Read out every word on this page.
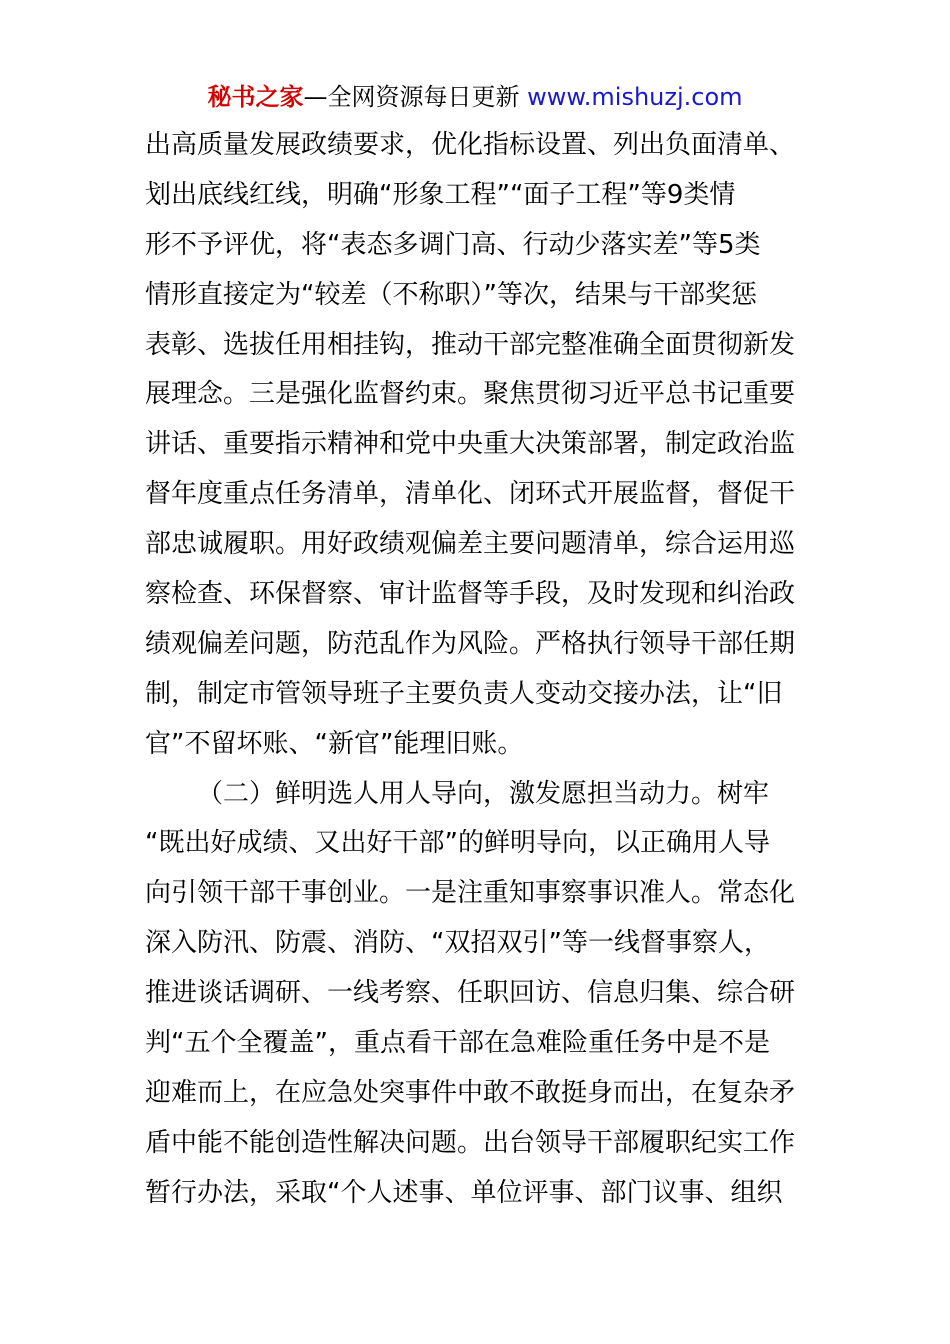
秘书之家—全网资源每日更新 www.mishuzj.com
出高质量发展政绩要求，优化指标设置、列出负面清单、
划出底线红线，明确“形象工程”“面子工程”等9类情
形不予评优，将“表态多调门高、行动少落实差”等5类
情形直接定为“较差（不称职）”等次，结果与干部奖惩
表彰、选拔任用相挂钩，推动干部完整准确全面贯彻新发
展理念。三是强化监督约束。聚焦贯彻习近平总书记重要
讲话、重要指示精神和党中央重大决策部署，制定政治监
督年度重点任务清单，清单化、闭环式开展监督，督促干
部忠诚履职。用好政绩观偏差主要问题清单，综合运用巡
察检查、环保督察、审计监督等手段，及时发现和纠治政
绩观偏差问题，防范乱作为风险。严格执行领导干部任期
制，制定市管领导班子主要负责人变动交接办法，让“旧
官”不留坏账、“新官”能理旧账。
（二）鲜明选人用人导向，激发愿担当动力。树牢
“既出好成绩、又出好干部”的鲜明导向，以正确用人导
向引领干部干事创业。一是注重知事察事识准人。常态化
深入防汛、防震、消防、“双招双引”等一线督事察人，
推进谈话调研、一线考察、任职回访、信息归集、综合研
判“五个全覆盖”，重点看干部在急难险重任务中是不是
迎难而上，在应急处突事件中敢不敢挺身而出，在复杂矛
盾中能不能创造性解决问题。出台领导干部履职纪实工作
暂行办法，采取“个人述事、单位评事、部门议事、组织
